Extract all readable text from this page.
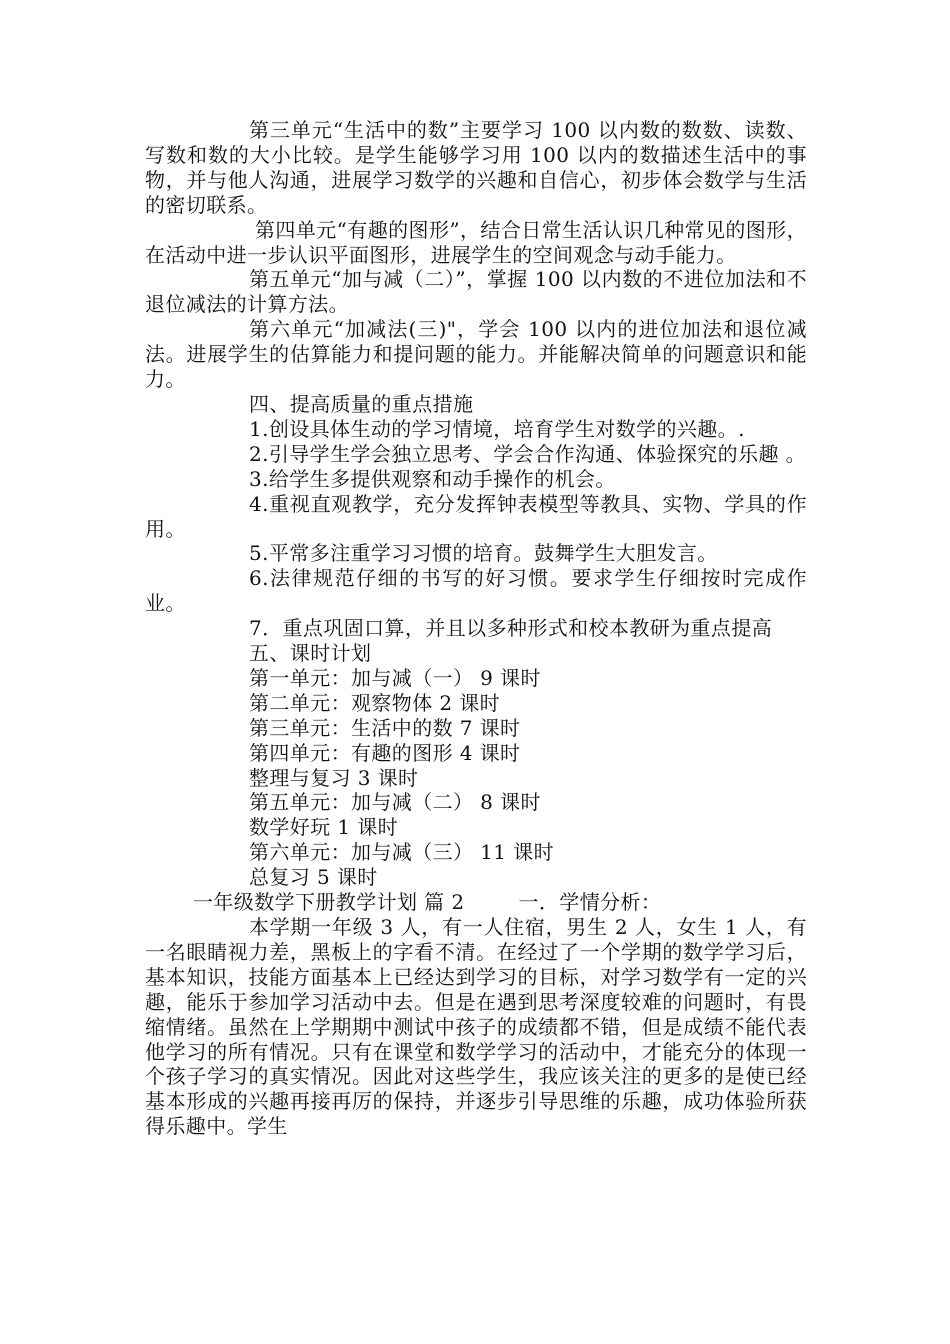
第三单元“生活中的数”主要学习 100 以内数的数数、读数、写数和数的大小比较。是学生能够学习用 100 以内的数描述生活中的事物，并与他人沟通，进展学习数学的兴趣和自信心，初步体会数学与生活的密切联系。

第四单元“有趣的图形”，结合日常生活认识几种常见的图形，在活动中进一步认识平面图形，进展学生的空间观念与动手能力。

第五单元“加与减（二）”，掌握 100 以内数的不进位加法和不退位减法的计算方法。

第六单元“加减法(三)"，学会 100 以内的进位加法和退位减法。进展学生的估算能力和提问题的能力。并能解决简单的问题意识和能力。

四、提高质量的重点措施

1.创设具体生动的学习情境，培育学生对数学的兴趣。.

2.引导学生学会独立思考、学会合作沟通、体验探究的乐趣 。

3.给学生多提供观察和动手操作的机会。

4.重视直观教学，充分发挥钟表模型等教具、实物、学具的作用。

5.平常多注重学习习惯的培育。鼓舞学生大胆发言。

6.法律规范仔细的书写的好习惯。要求学生仔细按时完成作业。

7．重点巩固口算，并且以多种形式和校本教研为重点提高

五、课时计划

第一单元：加与减（一） 9 课时

第二单元：观察物体 2 课时

第三单元：生活中的数 7 课时

第四单元：有趣的图形 4 课时

整理与复习 3 课时

第五单元：加与减（二） 8 课时

数学好玩 1 课时

第六单元：加与减（三） 11 课时

总复习 5 课时

一年级数学下册教学计划 篇 2        一．学情分析：

本学期一年级 3 人，有一人住宿，男生 2 人，女生 1 人，有一名眼睛视力差，黑板上的字看不清。在经过了一个学期的数学学习后，基本知识，技能方面基本上已经达到学习的目标，对学习数学有一定的兴趣，能乐于参加学习活动中去。但是在遇到思考深度较难的问题时，有畏缩情绪。虽然在上学期期中测试中孩子的成绩都不错，但是成绩不能代表他学习的所有情况。只有在课堂和数学学习的活动中，才能充分的体现一个孩子学习的真实情况。因此对这些学生，我应该关注的更多的是使已经基本形成的兴趣再接再厉的保持，并逐步引导思维的乐趣，成功体验所获得乐趣中。学生
